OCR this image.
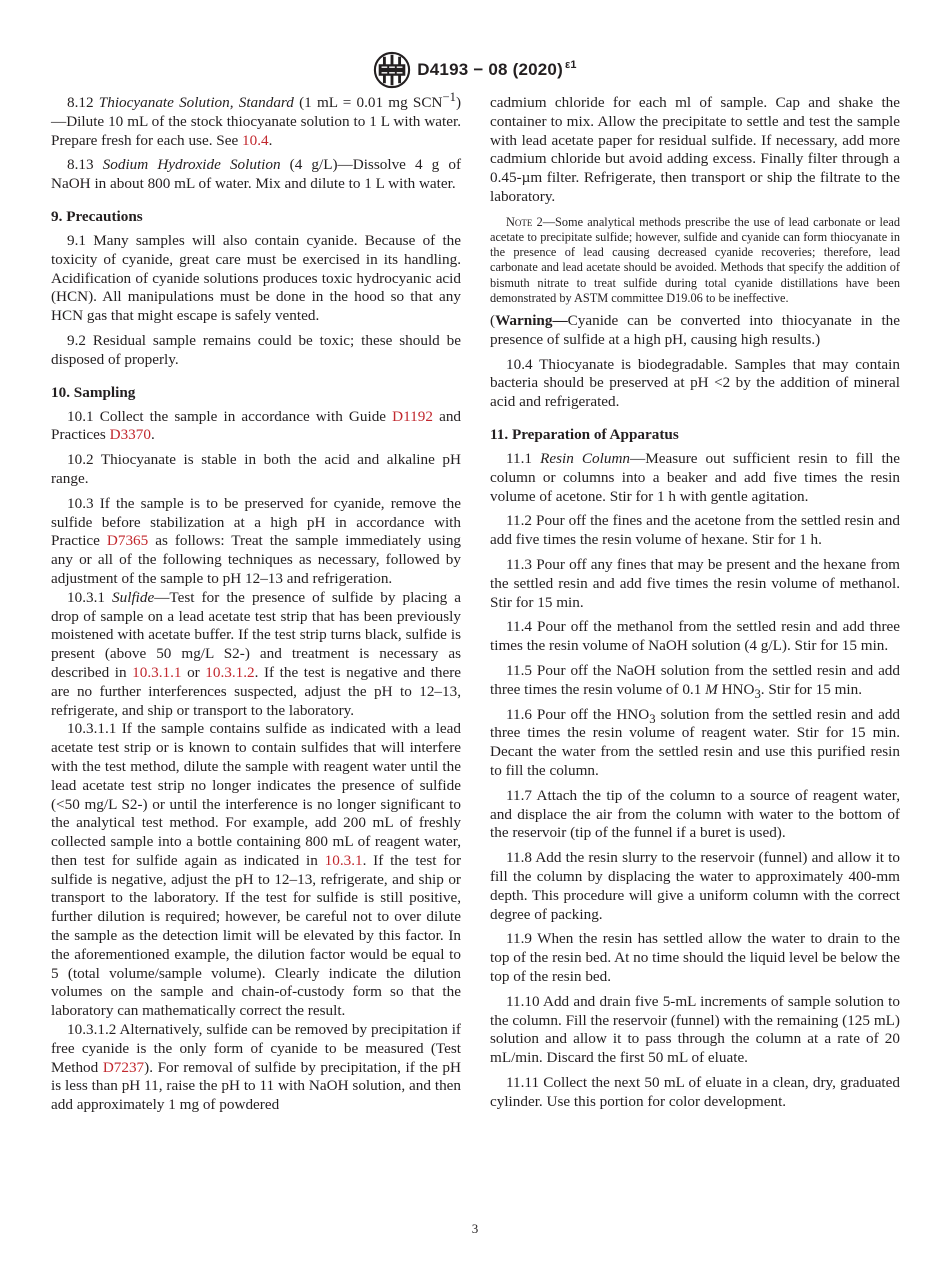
D4193 − 08 (2020) $^{\varepsilon 1}$

8.12 Thiocyanate Solution, Standard (1 mL = 0.01 mg $SCN^{-1})—Dilute$ 10 mL of the stock thiocyanate solution to 1 L with water. Prepare fresh for each use. See 10.4.

8.13 Sodium Hydroxide Solution (4 g/L)—Dissolve 4 g of NaOH in about 800 mL of water. Mix and dilute to 1 L with water.

9. Precautions

9.1 Many samples will also contain cyanide. Because of the toxicity of cyanide, great care must be exercised in its handling. Acidification of cyanide solutions produces toxic hydrocyanic acid (HCN). All manipulations must be done in the hood so that any HCN gas that might escape is safely vented.

9.2 Residual sample remains could be toxic; these should be disposed of properly.

10. Sampling

10.1 Collect the sample in accordance with Guide D1192 and Practices D3370.

10.2 Thiocyanate is stable in both the acid and alkaline pH range.

10.3 If the sample is to be preserved for cyanide, remove the sulfide before stabilization at a high pH in accordance with Practice D7365 as follows: Treat the sample immediately using any or all of the following techniques as necessary, followed by adjustment of the sample to pH 12–13 and refrigeration.

10.3.1 Sulfide—Test for the presence of sulfide by placing a drop of sample on a lead acetate test strip that has been previously moistened with acetate buffer. If the test strip turns black, sulfide is present (above 50 mg/L S2-) and treatment is necessary as described in 10.3.1.1 or 10.3.1.2. If the test is negative and there are no further interferences suspected, adjust the pH to 12–13, refrigerate, and ship or transport to the laboratory.

10.3.1.1 If the sample contains sulfide as indicated with a lead acetate test strip or is known to contain sulfides that will interfere with the test method, dilute the sample with reagent water until the lead acetate test strip no longer indicates the presence of sulfide (<50 mg/L S2-) or until the interference is no longer significant to the analytical test method. For example, add 200 mL of freshly collected sample into a bottle containing 800 mL of reagent water, then test for sulfide again as indicated in 10.3.1. If the test for sulfide is negative, adjust the pH to 12–13, refrigerate, and ship or transport to the laboratory. If the test for sulfide is still positive, further dilution is required; however, be careful not to over dilute the sample as the detection limit will be elevated by this factor. In the aforementioned example, the dilution factor would be equal to 5 (total volume/sample volume). Clearly indicate the dilution volumes on the sample and chain-of-custody form so that the laboratory can mathematically correct the result.

10.3.1.2 Alternatively, sulfide can be removed by precipitation if free cyanide is the only form of cyanide to be measured (Test Method D7237). For removal of sulfide by precipitation, if the pH is less than pH 11, raise the pH to 11 with NaOH solution, and then add approximately 1 mg of powdered

cadmium chloride for each ml of sample. Cap and shake the container to mix. Allow the precipitate to settle and test the sample with lead acetate paper for residual sulfide. If necessary, add more cadmium chloride but avoid adding excess. Finally filter through a 0.45-µm filter. Refrigerate, then transport or ship the filtrate to the laboratory.

Note 2—Some analytical methods prescribe the use of lead carbonate or lead acetate to precipitate sulfide; however, sulfide and cyanide can form thiocyanate in the presence of lead causing decreased cyanide recoveries; therefore, lead carbonate and lead acetate should be avoided. Methods that specify the addition of bismuth nitrate to treat sulfide during total cyanide distillations have been demonstrated by ASTM committee D19.06 to be ineffective.

(Warning—Cyanide can be converted into thiocyanate in the presence of sulfide at a high pH, causing high results.)

10.4 Thiocyanate is biodegradable. Samples that may contain bacteria should be preserved at pH <2 by the addition of mineral acid and refrigerated.

11. Preparation of Apparatus

11.1 Resin Column—Measure out sufficient resin to fill the column or columns into a beaker and add five times the resin volume of acetone. Stir for 1 h with gentle agitation.

11.2 Pour off the fines and the acetone from the settled resin and add five times the resin volume of hexane. Stir for 1 h.

11.3 Pour off any fines that may be present and the hexane from the settled resin and add five times the resin volume of methanol. Stir for 15 min.

11.4 Pour off the methanol from the settled resin and add three times the resin volume of NaOH solution (4 g/L). Stir for 15 min.

11.5 Pour off the NaOH solution from the settled resin and add three times the resin volume of 0.1 M $HNO_3$. Stir for 15 min.

11.6 Pour off the $HNO_3$ solution from the settled resin and add three times the resin volume of reagent water. Stir for 15 min. Decant the water from the settled resin and use this purified resin to fill the column.

11.7 Attach the tip of the column to a source of reagent water, and displace the air from the column with water to the bottom of the reservoir (tip of the funnel if a buret is used).

11.8 Add the resin slurry to the reservoir (funnel) and allow it to fill the column by displacing the water to approximately 400-mm depth. This procedure will give a uniform column with the correct degree of packing.

11.9 When the resin has settled allow the water to drain to the top of the resin bed. At no time should the liquid level be below the top of the resin bed.

11.10 Add and drain five 5-mL increments of sample solution to the column. Fill the reservoir (funnel) with the remaining (125 mL) solution and allow it to pass through the column at a rate of 20 mL/min. Discard the first 50 mL of eluate.

11.11 Collect the next 50 mL of eluate in a clean, dry, graduated cylinder. Use this portion for color development.

3
